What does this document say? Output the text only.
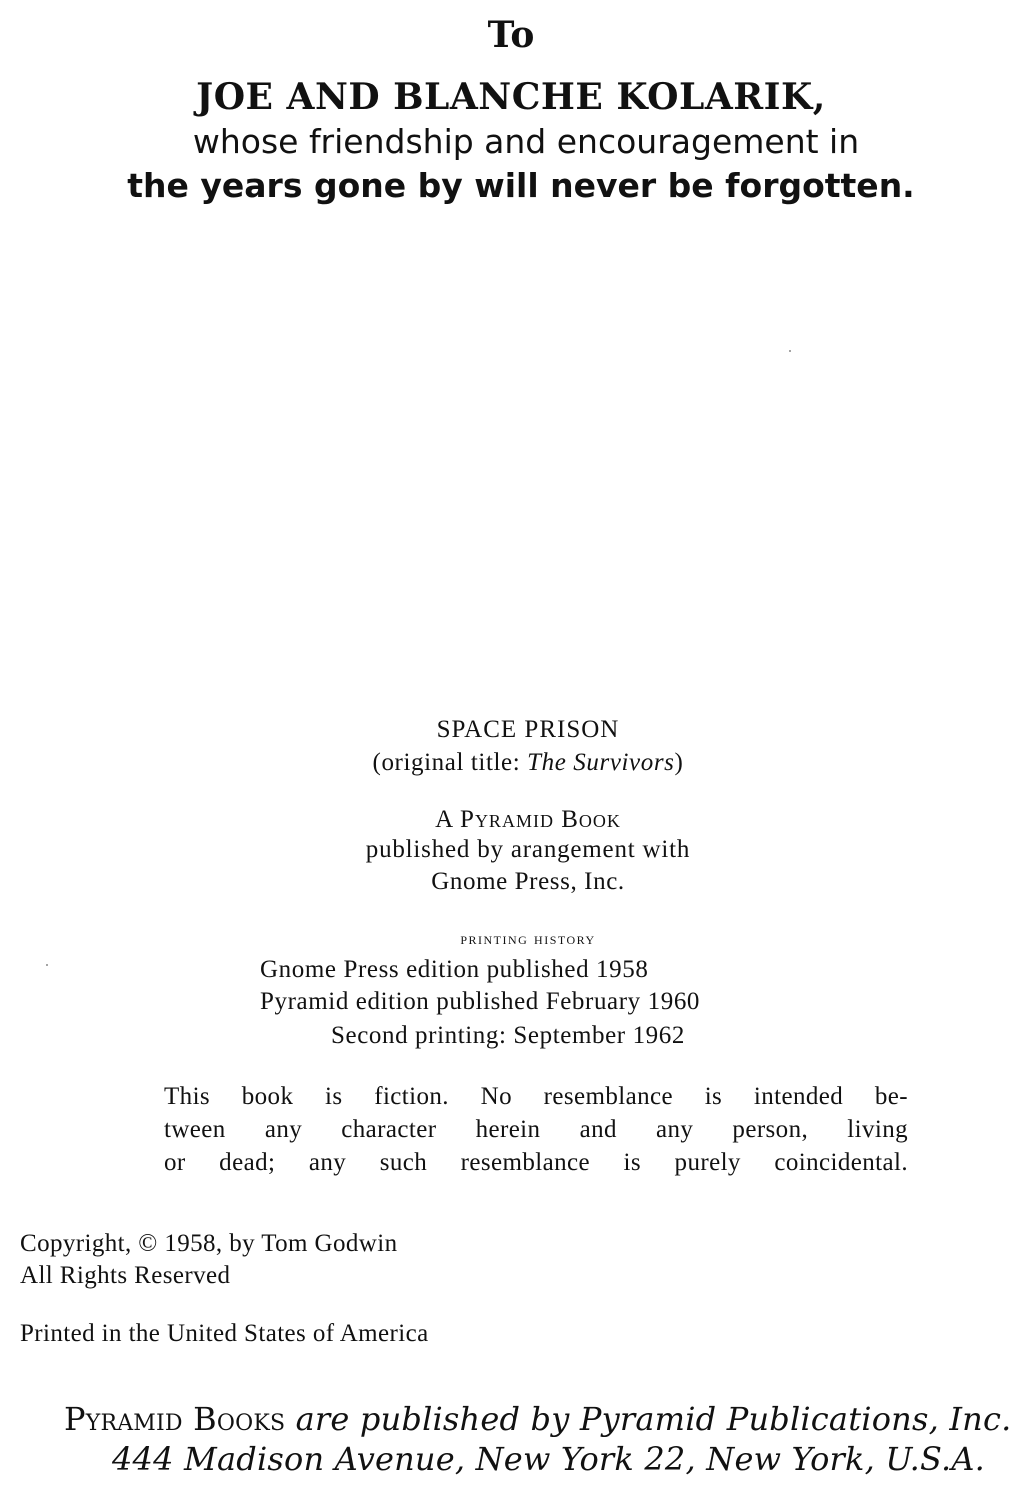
To
JOE AND BLANCHE KOLARIK,
whose friendship and encouragement in
the years gone by will never be forgotten.
SPACE PRISON
(original title: The Survivors)
A Pyramid Book
published by arangement with
Gnome Press, Inc.
printing history
Gnome Press edition published 1958
Pyramid edition published February 1960
Second printing: September 1962
This book is fiction. No resemblance is intended be-
tween any character herein and any person, living
or dead; any such resemblance is purely coincidental.
Copyright, © 1958, by Tom Godwin
All Rights Reserved
Printed in the United States of America
Pyramid Books are published by Pyramid Publications, Inc.
444 Madison Avenue, New York 22, New York, U.S.A.
